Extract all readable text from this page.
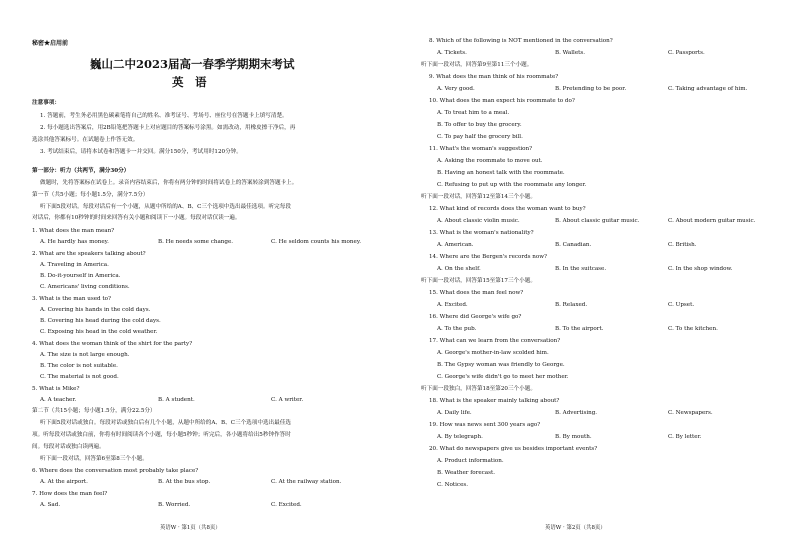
秘密★启用前
巍山二中2023届高一春季学期期末考试
英　语
注意事项：
1. 答题前，考生务必用黑色碳素笔将自己的姓名、准考证号、考场号、座位号在答题卡上填写清楚。
2. 每小题选出答案后，用2B铅笔把答题卡上对应题目的答案标号涂黑。如需改动，用橡皮擦干净后，再
选涂其他答案标号。在试题卷上作答无效。
3. 考试结束后，请将本试卷和答题卡一并交回。满分150分，考试用时120分钟。
第一部分：听力（共两节，满分30分）
做题时，先将答案标在试卷上。录音内容结束后，你将有两分钟的时间将试卷上的答案转涂到答题卡上。
第一节（共5小题；每小题1.5分，满分7.5分）
听下面5段对话。每段对话后有一个小题，从题中所给的A、B、C三个选项中选出最佳选项。听完每段
对话后，你都有10秒钟的时间来回答有关小题和阅读下一小题。每段对话仅读一遍。
1. What does the man mean?
A. He hardly has money.	B. He needs some change.	C. He seldom counts his money.
2. What are the speakers talking about?
A. Traveling in America.
B. Do-it-yourself in America.
C. Americans' living conditions.
3. What is the man used to?
A. Covering his hands in the cold days.
B. Covering his head during the cold days.
C. Exposing his head in the cold weather.
4. What does the woman think of the shirt for the party?
A. The size is not large enough.
B. The color is not suitable.
C. The material is not good.
5. What is Mike?
A. A teacher.	B. A student.	C. A writer.
第二节（共15小题；每小题1.5分，满分22.5分）
听下面5段对话或独白。每段对话或独白后有几个小题，从题中所给的A、B、C三个选项中选出最佳选
项。听每段对话或独白前，你将有时间阅读各个小题，每小题5秒钟；听完后，各小题将给出5秒钟作答时
间。每段对话或独白读两遍。
听下面一段对话，回答第6至第8三个小题。
6. Where does the conversation most probably take place?
A. At the airport.	B. At the bus stop.	C. At the railway station.
7. How does the man feel?
A. Sad.	B. Worried.	C. Excited.
英语W · 第1页（共8页）
8. Which of the following is NOT mentioned in the conversation?
A. Tickets.	B. Wallets.	C. Passports.
听下面一段对话，回答第9至第11三个小题。
9. What does the man think of his roommate?
A. Very good.	B. Pretending to be poor.	C. Taking advantage of him.
10. What does the man expect his roommate to do?
A. To treat him to a meal.
B. To offer to buy the grocery.
C. To pay half the grocery bill.
11. What's the woman's suggestion?
A. Asking the roommate to move out.
B. Having an honest talk with the roommate.
C. Refusing to put up with the roommate any longer.
听下面一段对话，回答第12至第14三个小题。
12. What kind of records does the woman want to buy?
A. About classic violin music.	B. About classic guitar music.	C. About modern guitar music.
13. What is the woman's nationality?
A. American.	B. Canadian.	C. British.
14. Where are the Bergen's records now?
A. On the shelf.	B. In the suitcase.	C. In the shop window.
听下面一段对话，回答第15至第17三个小题。
15. What does the man feel now?
A. Excited.	B. Relaxed.	C. Upset.
16. Where did George's wife go?
A. To the pub.	B. To the airport.	C. To the kitchen.
17. What can we learn from the conversation?
A. George's mother-in-law scolded him.
B. The Gypsy woman was friendly to George.
C. George's wife didn't go to meet her mother.
听下面一段独白，回答第18至第20三个小题。
18. What is the speaker mainly talking about?
A. Daily life.	B. Advertising.	C. Newspapers.
19. How was news sent 300 years ago?
A. By telegraph.	B. By mouth.	C. By letter.
20. What do newspapers give us besides important events?
A. Product information.
B. Weather forecast.
C. Notices.
英语W · 第2页（共8页）
